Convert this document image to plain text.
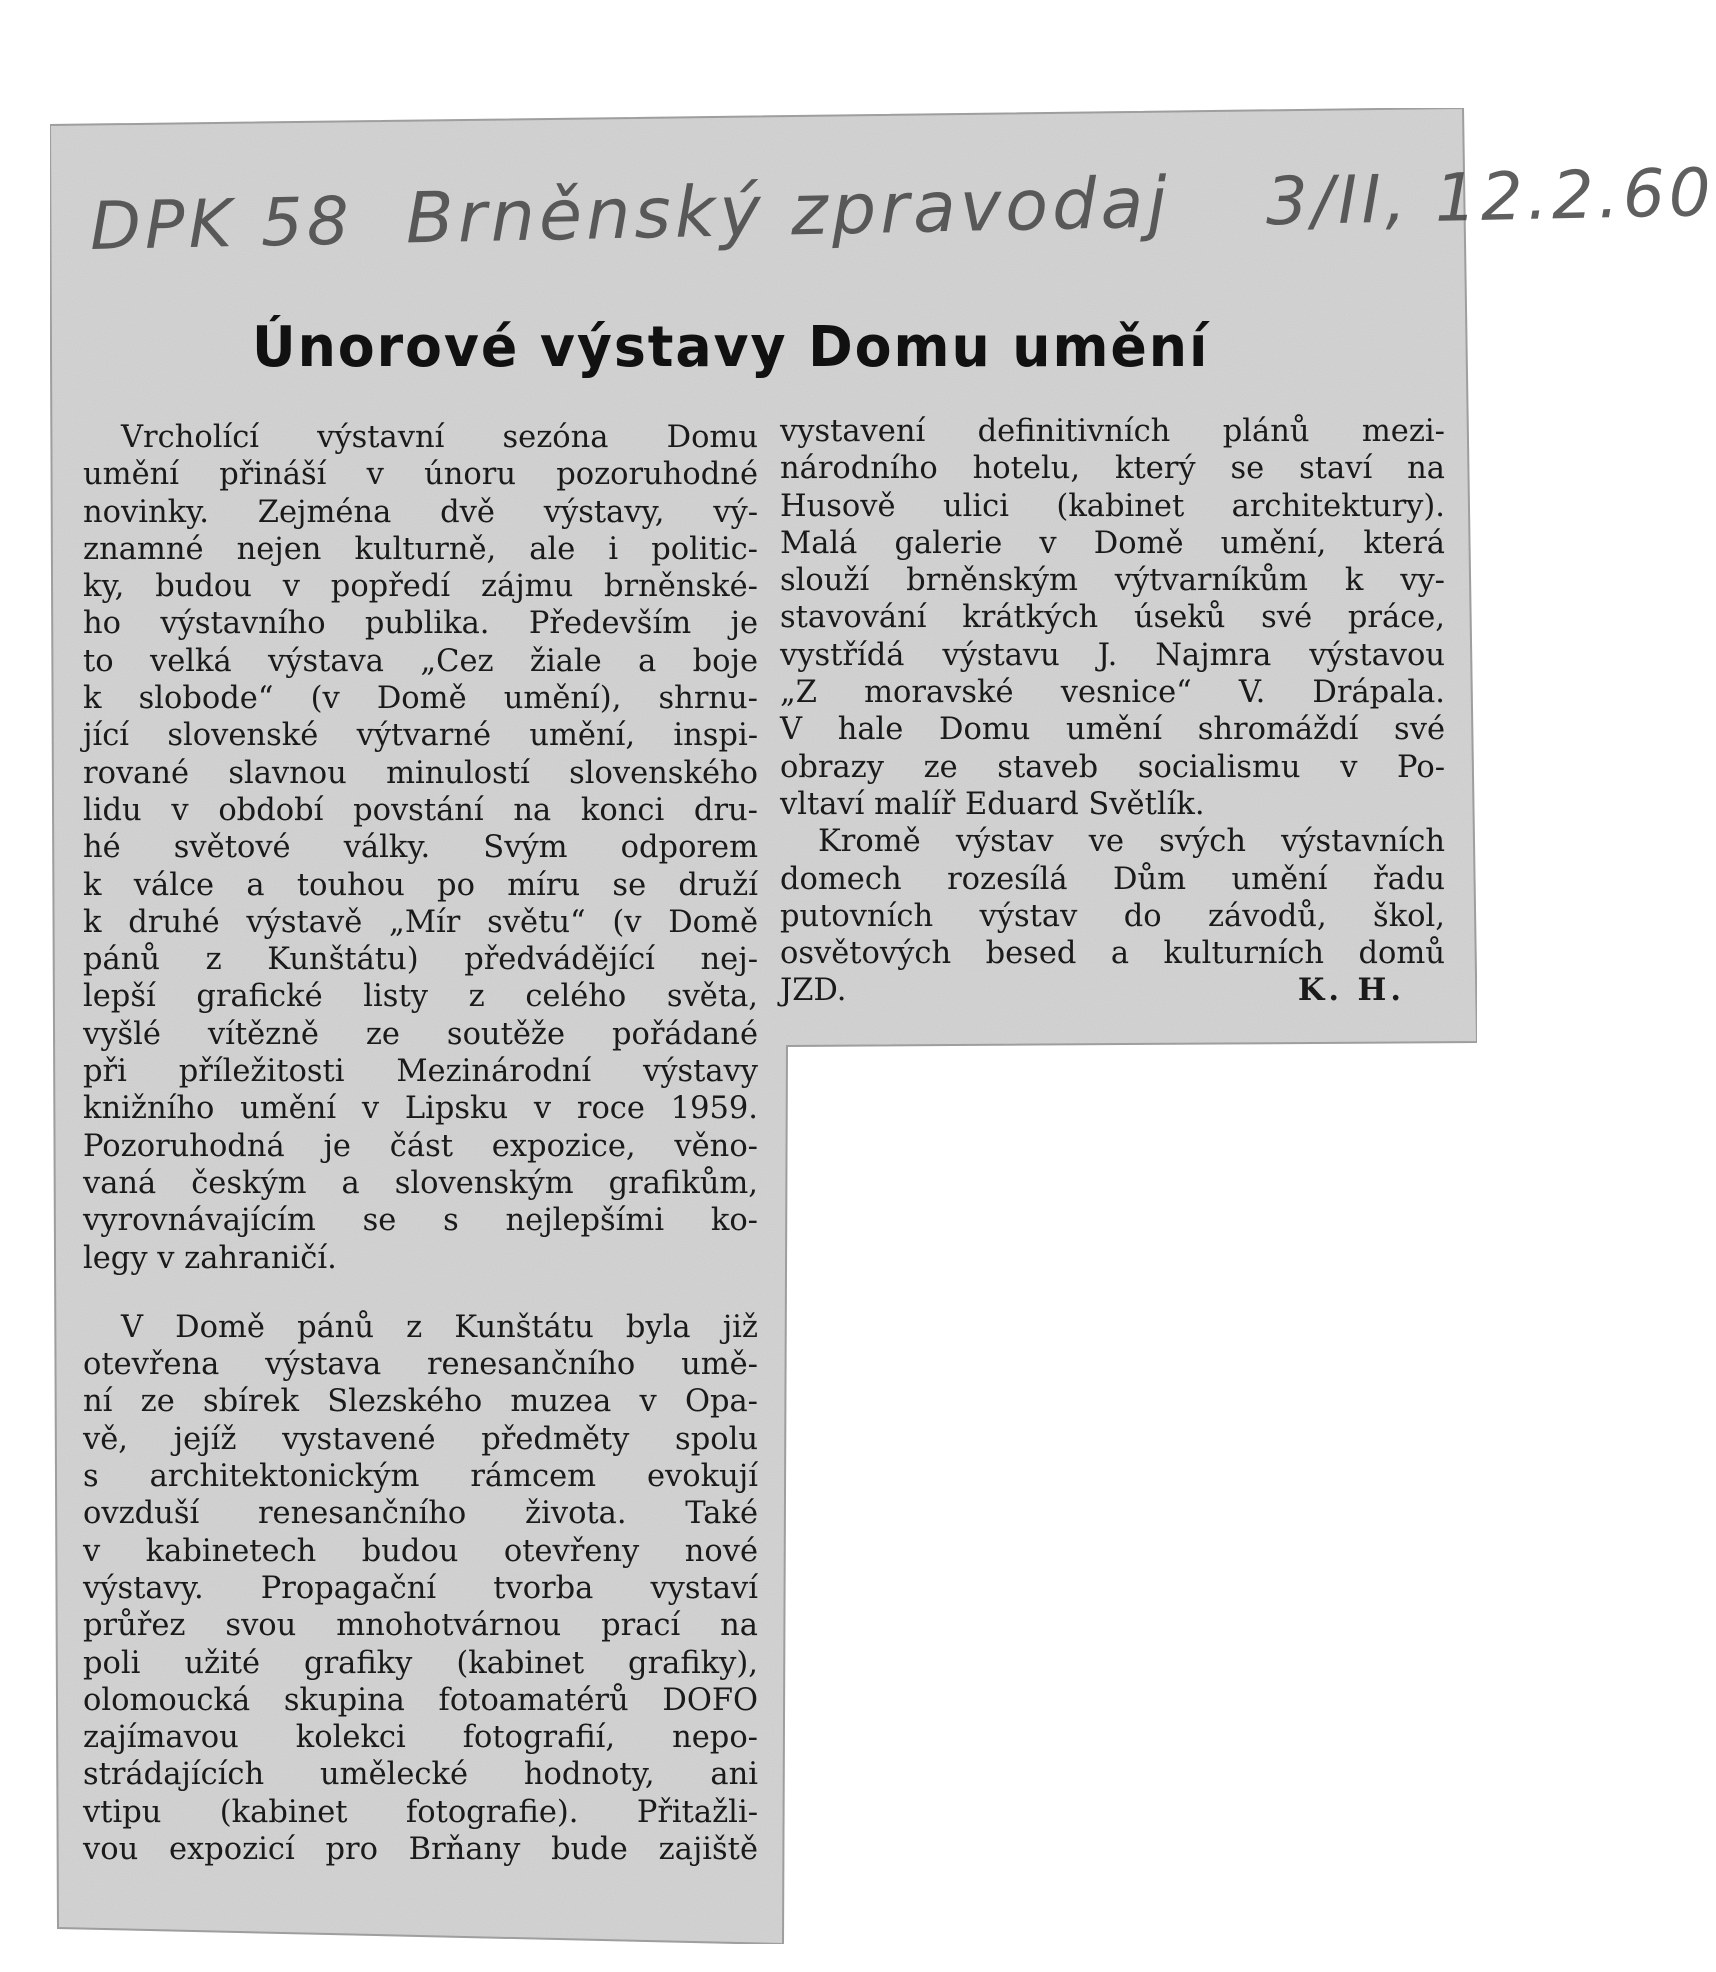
DPK 58 Brněnský zpravodaj 3/II, 12.2.60
Únorové výstavy Domu umění
Vrcholící výstavní sezóna Domu
umění přináší v únoru pozoruhodné
novinky. Zejména dvě výstavy, vý-
znamné nejen kulturně, ale i politic-
ky, budou v popředí zájmu brněnské-
ho výstavního publika. Především je
to velká výstava „Cez žiale a boje
k slobode“ (v Domě umění), shrnu-
jící slovenské výtvarné umění, inspi-
rované slavnou minulostí slovenského
lidu v období povstání na konci dru-
hé světové války. Svým odporem
k válce a touhou po míru se druží
k druhé výstavě „Mír světu“ (v Domě
pánů z Kunštátu) předvádějící nej-
lepší grafické listy z celého světa,
vyšlé vítězně ze soutěže pořádané
při příležitosti Mezinárodní výstavy
knižního umění v Lipsku v roce 1959.
Pozoruhodná je část expozice, věno-
vaná českým a slovenským grafikům,
vyrovnávajícím se s nejlepšími ko-
legy v zahraničí.
V Domě pánů z Kunštátu byla již
otevřena výstava renesančního umě-
ní ze sbírek Slezského muzea v Opa-
vě, jejíž vystavené předměty spolu
s architektonickým rámcem evokují
ovzduší renesančního života. Také
v kabinetech budou otevřeny nové
výstavy. Propagační tvorba vystaví
průřez svou mnohotvárnou prací na
poli užité grafiky (kabinet grafiky),
olomoucká skupina fotoamatérů DOFO
zajímavou kolekci fotografií, nepo-
strádajících umělecké hodnoty, ani
vtipu (kabinet fotografie). Přitažli-
vou expozicí pro Brňany bude zajiště
vystavení definitivních plánů mezi-
národního hotelu, který se staví na
Husově ulici (kabinet architektury).
Malá galerie v Domě umění, která
slouží brněnským výtvarníkům k vy-
stavování krátkých úseků své práce,
vystřídá výstavu J. Najmra výstavou
„Z moravské vesnice“ V. Drápala.
V hale Domu umění shromáždí své
obrazy ze staveb socialismu v Po-
vltaví malíř Eduard Světlík.
Kromě výstav ve svých výstavních
domech rozesílá Dům umění řadu
putovních výstav do závodů, škol,
osvětových besed a kulturních domů
JZD.	K. H.
